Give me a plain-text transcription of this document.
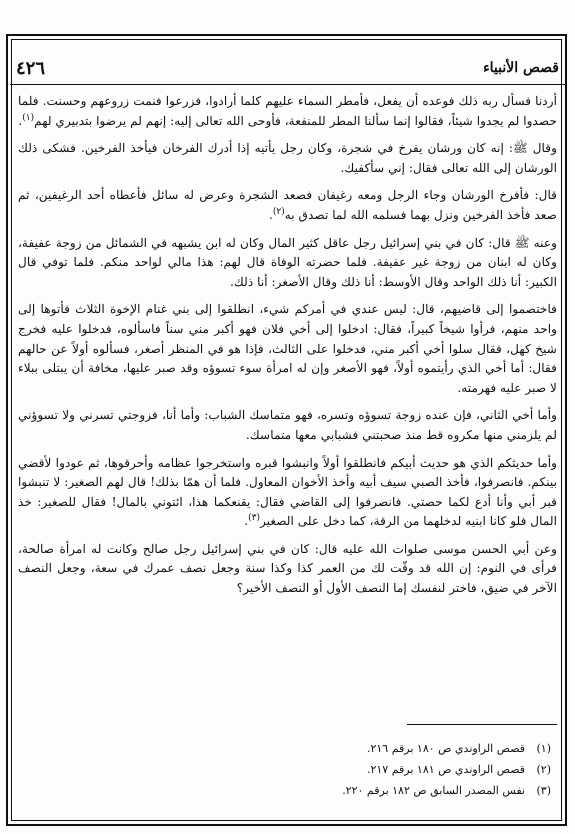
قصص الأنبياء
٤٢٦

أردنا فسأل ربه ذلك فوعده أن يفعل، فأمطر السماء عليهم كلما أرادوا، فزرعوا فنمت زروعهم وحسنت. فلما حصدوا لم يجدوا شيئاً، فقالوا إنما سألنا المطر للمنفعة، فأوحى الله تعالى إليه: إنهم لم يرضوا بتدبيري لهم$^{(١)}$.

وقال ﷺ: إنه كان ورشان يفرخ في شجرة، وكان رجل يأتيه إذا أدرك الفرخان فيأخذ الفرخين. فشكى ذلك الورشان إلى الله تعالى فقال: إني سأكفيك.

قال: فأفرخ الورشان وجاء الرجل ومعه رغيفان فصعد الشجرة وعرض له سائل فأعطاه أحد الرغيفين، ثم صعد فأخذ الفرخين ونزل بهما فسلمه الله لما تصدق به$^{(٢)}$.

وعنه ﷺ قال: كان في بني إسرائيل رجل عاقل كثير المال وكان له ابن يشبهه في الشمائل من زوجة عفيفة، وكان له ابنان من زوجة غير عفيفة. فلما حضرته الوفاة قال لهم: هذا مالي لواحد منكم. فلما توفي قال الكبير: أنا ذلك الواحد وقال الأوسط: أنا ذلك وقال الأصغر: أنا ذلك.

فاختصموا إلى قاضيهم، قال: ليس عندي في أمركم شيء، انطلقوا إلى بني غنام الإخوة الثلاث فأتوها إلى واحد منهم، فرأوا شيخاً كبيراً، فقال: ادخلوا إلى أخي فلان فهو أكبر مني سناً فاسألوه، فدخلوا عليه فخرج شيخ كهل، فقال سلوا أخي أكبر مني، فدخلوا على الثالث، فإذا هو في المنظر أصغر، فسألوه أولاً عن حالهم فقال: أما أخي الذي رأيتموه أولاً، فهو الأصغر وإن له امرأة سوء تسوؤه وقد صبر عليها، مخافة أن يبتلى ببلاء لا صبر عليه فهرمته.

وأما أخي الثاني، فإن عنده زوجة تسوؤه وتسره، فهو متماسك الشباب: وأما أنا، فزوجتي تسرني ولا تسوؤني لم يلزمني منها مكروه قط منذ صحبتني فشبابي معها متماسك.

وأما حديثكم الذي هو حديث أبيكم فانطلقوا أولاً وانبشوا قبره واستخرجوا عظامه وأحرقوها، ثم عودوا لأقضي بينكم. فانصرفوا، فأخذ الصبي سيف أبيه وأخذ الأخوان المعاول. فلما أن همّا بذلك! قال لهم الصغير: لا تنبشوا قبر أبي وأنا أدع لكما حصتي. فانصرفوا إلى القاضي فقال: يقنعكما هذا، ائتوني بالمال! فقال للصغير: خذ المال فلو كانا ابنيه لدخلهما من الرقة، كما دخل على الصغير$^{(٣)}$.

وعن أبي الحسن موسى صلوات الله عليه قال: كان في بني إسرائيل رجل صالح وكانت له امرأة صالحة، فرأى في النوم: إن الله قد وقّت لك من العمر كذا وكذا سنة وجعل نصف عمرك في سعة، وجعل النصف الآخر في ضيق، فاختر لنفسك إما النصف الأول أو النصف الأخير؟

(١)قصص الراوندي ص ١٨٠ برقم ٢١٦.
(٢)قصص الراوندي ص ١٨١ برقم ٢١٧.
(٣)نفس المصدر السابق ص ١٨٢ برقم ٢٢٠.
